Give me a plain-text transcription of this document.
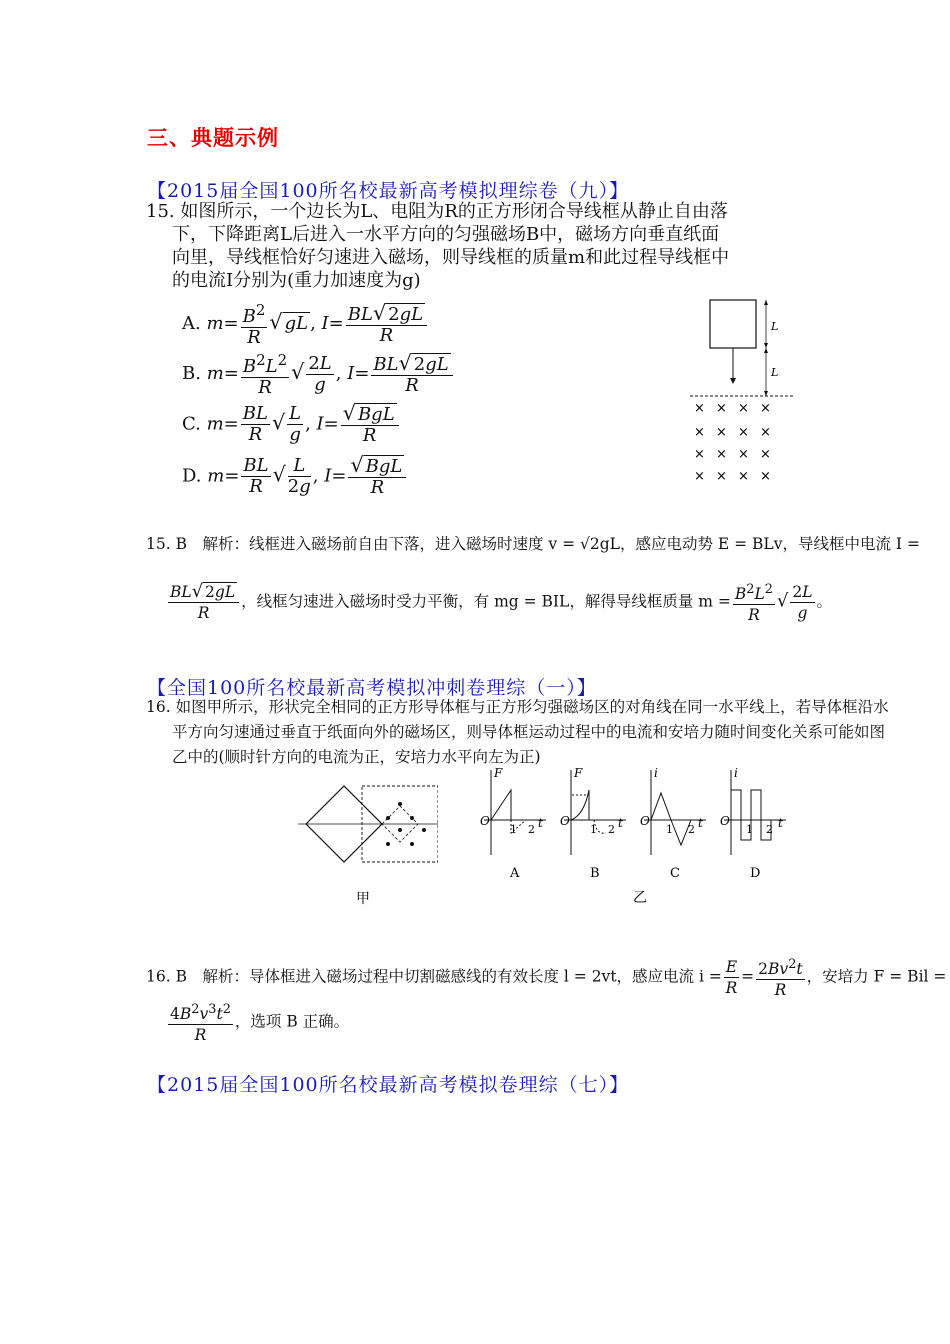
三、典题示例
【2015届全国100所名校最新高考模拟理综卷（九）】
15. 如图所示，一个边长为L、电阻为R的正方形闭合导线框从静止自由落
下，下降距离L后进入一水平方向的匀强磁场B中，磁场方向垂直纸面
向里，导线框恰好匀速进入磁场，则导线框的质量m和此过程导线框中
的电流I分别为(重力加速度为g)
A. $m= \frac{B^2}{R}$ √ gL , $I= \frac{BL√ 2gL}{R}$
B. $m= \frac{B^2L^2}{R}$ √ $\frac{2L}{g}$ , $I= \frac{BL√ 2gL}{R}$
C. $m= \frac{BL}{R}$ √ $\frac{L}{g}$ , $I= \frac{\text{√ BgL}}{R}$
D. $m= \frac{BL}{R}$ √ $\frac{L}{2g}$ , $I= \frac{\text{√ BgL}}{R}$
L
L
× × × ×
× × × ×
× × × ×
× × × ×
15. B　解析：线框进入磁场前自由下落，进入磁场时速度 v = √2gL，感应电动势 E = BLv，导线框中电流 I =
$\frac{BL√ 2gL}{R}$ ，线框匀速进入磁场时受力平衡，有 mg = BIL，解得导线框质量 $m = \frac{B^2L^2}{R}$ √ $\frac{2L}{g}$ 。
【全国100所名校最新高考模拟冲刺卷理综（一）】
16. 如图甲所示，形状完全相同的正方形导体框与正方形匀强磁场区的对角线在同一水平线上，若导体框沿水
平方向匀速通过垂直于纸面向外的磁场区，则导体框运动过程中的电流和安培力随时间变化关系可能如图
乙中的(顺时针方向的电流为正，安培力水平向左为正)
甲
F
O
1 2 t
A
F
O
1 2 t
B
i
O
1 2 t
C
i
O
1 2 t
D
乙
16. B　解析：导体框进入磁场过程中切割磁感线的有效长度 l = 2vt，感应电流 $i = \frac{E}{R} = \frac{2Bv^2t}{R}$ ，安培力 F = Bil =
$\frac{4B^2v^3t^2}{R}$ ，选项 B 正确。
【2015届全国100所名校最新高考模拟卷理综（七）】
